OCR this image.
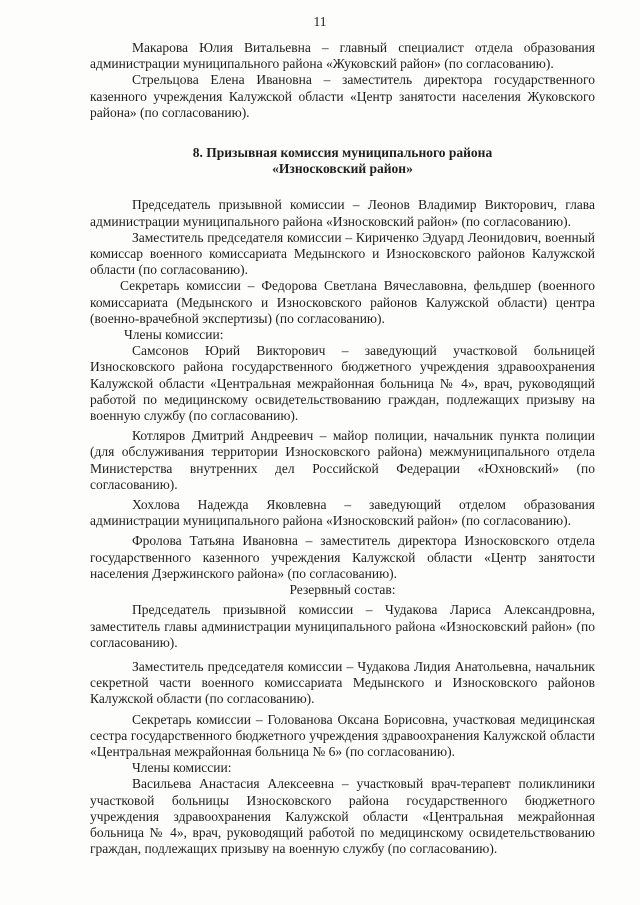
11
Макарова Юлия Витальевна – главный специалист отдела образования администрации муниципального района «Жуковский район» (по согласованию).
Стрельцова Елена Ивановна – заместитель директора государственного казенного учреждения Калужской области «Центр занятости населения Жуковского района» (по согласованию).
8. Призывная комиссия муниципального района
«Износковский район»
Председатель призывной комиссии – Леонов Владимир Викторович, глава администрации муниципального района «Износковский район» (по согласованию).
Заместитель председателя комиссии – Кириченко Эдуард Леонидович, военный комиссар военного комиссариата Медынского и Износковского районов Калужской области (по согласованию).
Секретарь комиссии – Федорова Светлана Вячеславовна, фельдшер (военного комиссариата (Медынского и Износковского районов Калужской области) центра (военно-врачебной экспертизы) (по согласованию).
Члены комиссии:
Самсонов Юрий Викторович – заведующий участковой больницей Износковского района государственного бюджетного учреждения здравоохранения Калужской области «Центральная межрайонная больница № 4», врач, руководящий работой по медицинскому освидетельствованию граждан, подлежащих призыву на военную службу (по согласованию).
Котляров Дмитрий Андреевич – майор полиции, начальник пункта полиции (для обслуживания территории Износковского района) межмуниципального отдела Министерства внутренних дел Российской Федерации «Юхновский» (по согласованию).
Хохлова Надежда Яковлевна – заведующий отделом образования администрации муниципального района «Износковский район» (по согласованию).
Фролова Татьяна Ивановна – заместитель директора Износковского отдела государственного казенного учреждения Калужской области «Центр занятости населения Дзержинского района» (по согласованию).
Резервный состав:
Председатель призывной комиссии – Чудакова Лариса Александровна, заместитель главы администрации муниципального района «Износковский район» (по согласованию).
Заместитель председателя комиссии – Чудакова Лидия Анатольевна, начальник секретной части военного комиссариата Медынского и Износковского районов Калужской области (по согласованию).
Секретарь комиссии – Голованова Оксана Борисовна, участковая медицинская сестра государственного бюджетного учреждения здравоохранения Калужской области «Центральная межрайонная больница № 6» (по согласованию).
Члены комиссии:
Васильева Анастасия Алексеевна – участковый врач-терапевт поликлиники участковой больницы Износковского района государственного бюджетного учреждения здравоохранения Калужской области «Центральная межрайонная больница № 4», врач, руководящий работой по медицинскому освидетельствованию граждан, подлежащих призыву на военную службу (по согласованию).
